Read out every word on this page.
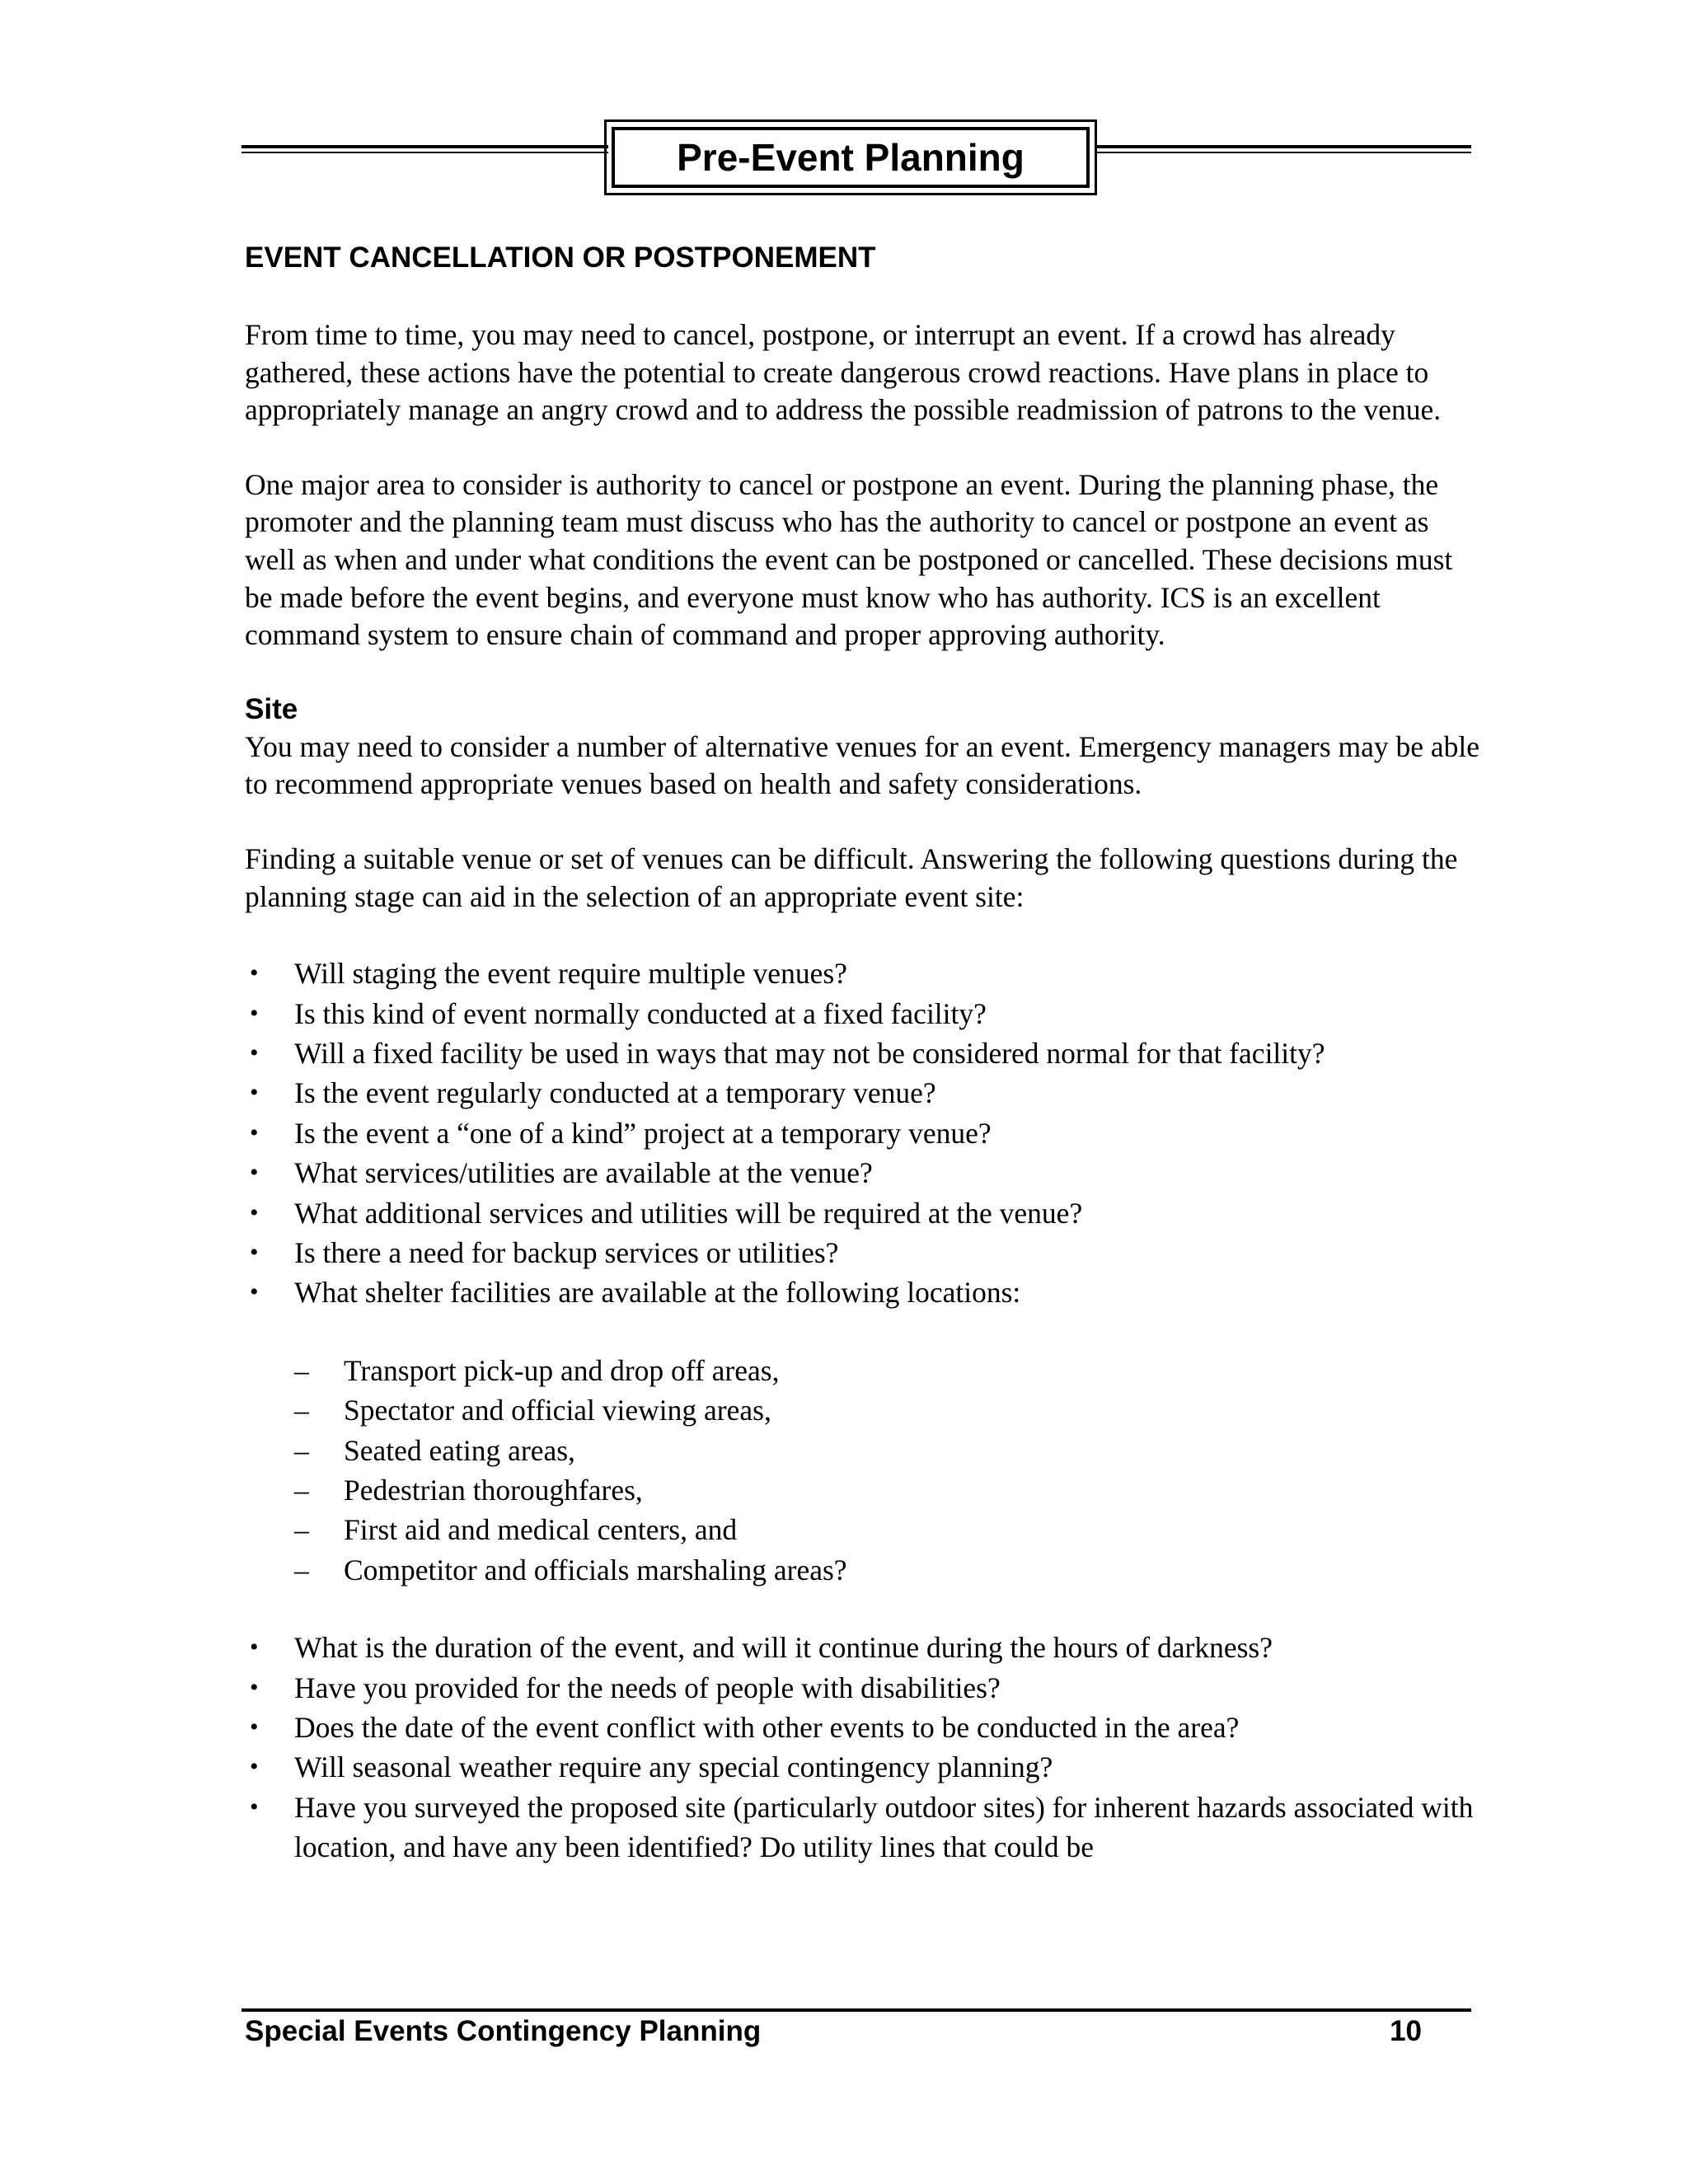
Pre-Event Planning
EVENT CANCELLATION OR POSTPONEMENT

From time to time, you may need to cancel, postpone, or interrupt an event. If a crowd has already gathered, these actions have the potential to create dangerous crowd reactions. Have plans in place to appropriately manage an angry crowd and to address the possible readmission of patrons to the venue.

One major area to consider is authority to cancel or postpone an event. During the planning phase, the promoter and the planning team must discuss who has the authority to cancel or postpone an event as well as when and under what conditions the event can be postponed or cancelled. These decisions must be made before the event begins, and everyone must know who has authority. ICS is an excellent command system to ensure chain of command and proper approving authority.

Site

You may need to consider a number of alternative venues for an event. Emergency managers may be able to recommend appropriate venues based on health and safety considerations.

Finding a suitable venue or set of venues can be difficult. Answering the following questions during the planning stage can aid in the selection of an appropriate event site:

• Will staging the event require multiple venues?
• Is this kind of event normally conducted at a fixed facility?
• Will a fixed facility be used in ways that may not be considered normal for that facility?
• Is the event regularly conducted at a temporary venue?
• Is the event a “one of a kind” project at a temporary venue?
• What services/utilities are available at the venue?
• What additional services and utilities will be required at the venue?
• Is there a need for backup services or utilities?
• What shelter facilities are available at the following locations:
– Transport pick-up and drop off areas,
– Spectator and official viewing areas,
– Seated eating areas,
– Pedestrian thoroughfares,
– First aid and medical centers, and
– Competitor and officials marshaling areas?
• What is the duration of the event, and will it continue during the hours of darkness?
• Have you provided for the needs of people with disabilities?
• Does the date of the event conflict with other events to be conducted in the area?
• Will seasonal weather require any special contingency planning?
• Have you surveyed the proposed site (particularly outdoor sites) for inherent hazards associated with location, and have any been identified? Do utility lines that could be
Special Events Contingency Planning	10
